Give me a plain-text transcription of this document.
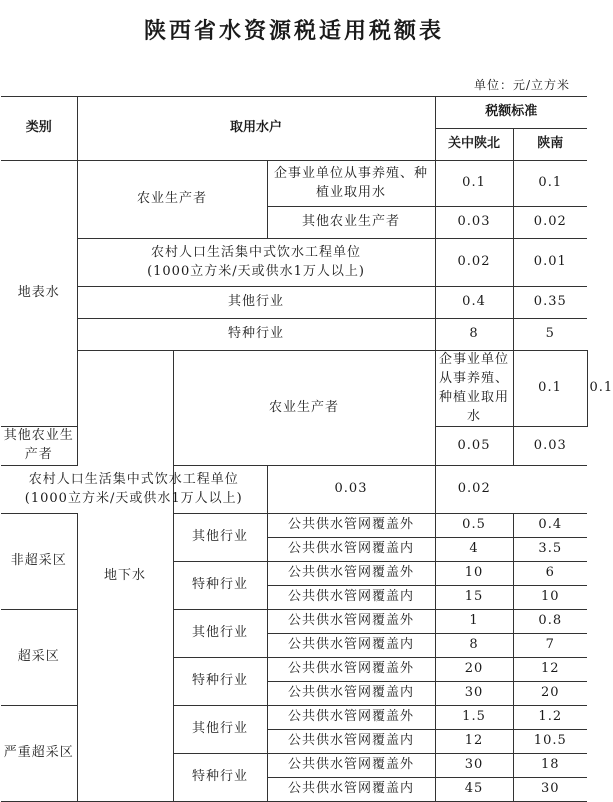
陕西省水资源税适用税额表
单位：元/立方米
类别	取用水户			税额标准		
				关中陕北	陕南	
地表水	农业生产者		企事业单位从事养殖、种植业取用水	0.1	0.1	
			其他农业生产者	0.03	0.02	

	农村人口生活集中式饮水工程单位
(1000立方米/天或供水1万人以上)			0.02	0.01	
	其他行业			0.4	0.35	
	特种行业			8	5	
	地下水	农业生产者		企事业单位从事养殖、种植业取用水	0.1	0.1
其他农业生产者				0.05	0.03	

农村人口生活集中式饮水工程单位
(1000立方米/天或供水1万人以上)			0.03	0.02		
非超采区		其他行业	公共供水管网覆盖外	0.5	0.4	
			公共供水管网覆盖内	4	3.5	
		特种行业	公共供水管网覆盖外	10	6	
			公共供水管网覆盖内	15	10	
超采区		其他行业	公共供水管网覆盖外	1	0.8	
			公共供水管网覆盖内	8	7	
		特种行业	公共供水管网覆盖外	20	12	
			公共供水管网覆盖内	30	20	
严重超采区		其他行业	公共供水管网覆盖外	1.5	1.2	
			公共供水管网覆盖内	12	10.5	
		特种行业	公共供水管网覆盖外	30	18	
			公共供水管网覆盖内	45	30	
